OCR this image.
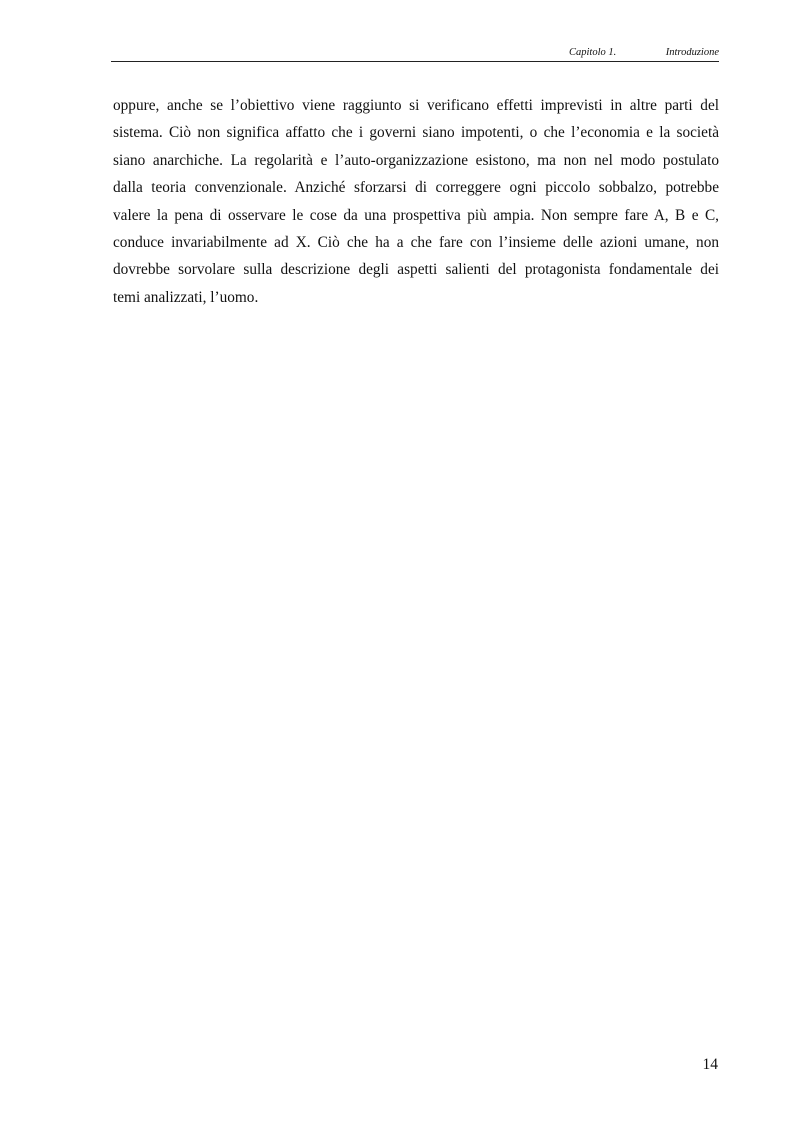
Capitolo 1.	Introduzione

oppure, anche se l’obiettivo viene raggiunto si verificano effetti imprevisti in altre parti del
sistema. Ciò non significa affatto che i governi siano impotenti, o che l’economia e la società
siano anarchiche. La regolarità e l’auto-organizzazione esistono, ma non nel modo postulato
dalla teoria convenzionale. Anziché sforzarsi di correggere ogni piccolo sobbalzo, potrebbe
valere la pena di osservare le cose da una prospettiva più ampia. Non sempre fare A, B e C,
conduce invariabilmente ad X. Ciò che ha a che fare con l’insieme delle azioni umane, non
dovrebbe sorvolare sulla descrizione degli aspetti salienti del protagonista fondamentale dei
temi analizzati, l’uomo.

14
